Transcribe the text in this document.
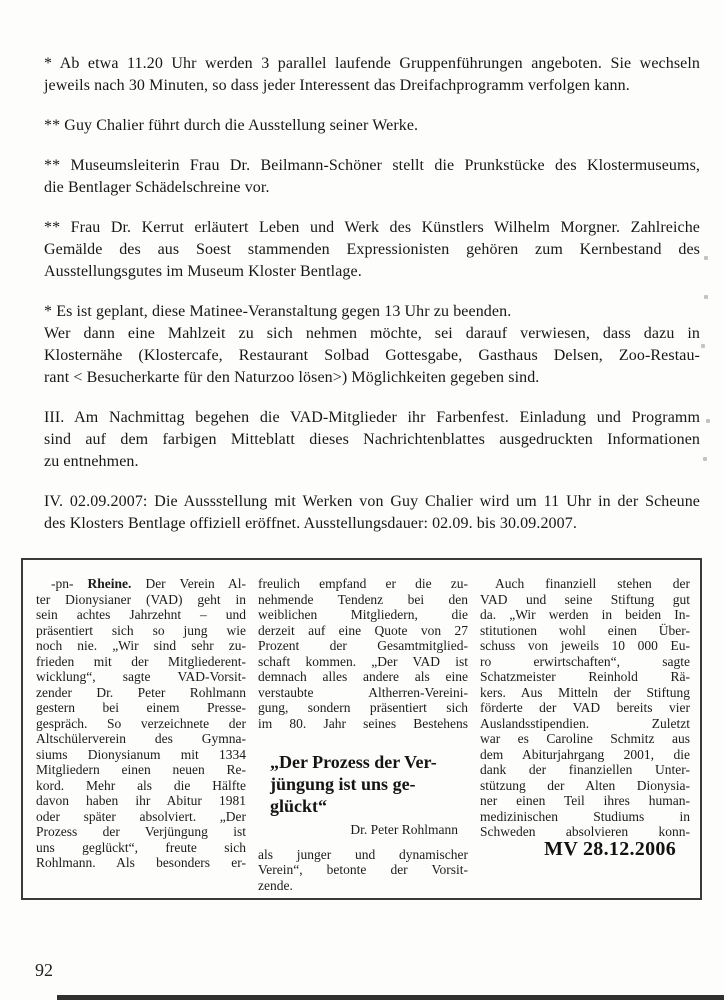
* Ab etwa 11.20 Uhr werden 3 parallel laufende Gruppenführungen angeboten. Sie wechseln
jeweils nach 30 Minuten, so dass jeder Interessent das Dreifachprogramm verfolgen kann.
** Guy Chalier führt durch die Ausstellung seiner Werke.
** Museumsleiterin Frau Dr. Beilmann-Schöner stellt die Prunkstücke des Klostermuseums,
die Bentlager Schädelschreine vor.
** Frau Dr. Kerrut erläutert Leben und Werk des Künstlers Wilhelm Morgner. Zahlreiche
Gemälde des aus Soest stammenden Expressionisten gehören zum Kernbestand des
Ausstellungsgutes im Museum Kloster Bentlage.
* Es ist geplant, diese Matinee-Veranstaltung gegen 13 Uhr zu beenden.
Wer dann eine Mahlzeit zu sich nehmen möchte, sei darauf verwiesen, dass dazu in
Klosternähe (Klostercafe, Restaurant Solbad Gottesgabe, Gasthaus Delsen, Zoo-Restau-
rant < Besucherkarte für den Naturzoo lösen>) Möglichkeiten gegeben sind.
III. Am Nachmittag begehen die VAD-Mitglieder ihr Farbenfest. Einladung und Programm
sind auf dem farbigen Mitteblatt dieses Nachrichtenblattes ausgedruckten Informationen
zu entnehmen.
IV. 02.09.2007: Die Aussstellung mit Werken von Guy Chalier wird um 11 Uhr in der Scheune
des Klosters Bentlage offiziell eröffnet. Ausstellungsdauer: 02.09. bis 30.09.2007.
-pn- Rheine. Der Verein Al-
ter Dionysianer (VAD) geht in
sein achtes Jahrzehnt – und
präsentiert sich so jung wie
noch nie. „Wir sind sehr zu-
frieden mit der Mitgliederent-
wicklung“, sagte VAD-Vorsit-
zender Dr. Peter Rohlmann
gestern bei einem Presse-
gespräch. So verzeichnete der
Altschülerverein des Gymna-
siums Dionysianum mit 1334
Mitgliedern einen neuen Re-
kord. Mehr als die Hälfte
davon haben ihr Abitur 1981
oder später absolviert. „Der
Prozess der Verjüngung ist
uns geglückt“, freute sich
Rohlmann. Als besonders er-
freulich empfand er die zu-
nehmende Tendenz bei den
weiblichen Mitgliedern, die
derzeit auf eine Quote von 27
Prozent der Gesamtmitglied-
schaft kommen. „Der VAD ist
demnach alles andere als eine
verstaubte Altherren-Vereini-
gung, sondern präsentiert sich
im 80. Jahr seines Bestehens
„Der Prozess der Ver-
jüngung ist uns ge-
glückt“
Dr. Peter Rohlmann
als junger und dynamischer
Verein“, betonte der Vorsit-
zende.
Auch finanziell stehen der
VAD und seine Stiftung gut
da. „Wir werden in beiden In-
stitutionen wohl einen Über-
schuss von jeweils 10 000 Eu-
ro erwirtschaften“, sagte
Schatzmeister Reinhold Rä-
kers. Aus Mitteln der Stiftung
förderte der VAD bereits vier
Auslandsstipendien. Zuletzt
war es Caroline Schmitz aus
dem Abiturjahrgang 2001, die
dank der finanziellen Unter-
stützung der Alten Dionysia-
ner einen Teil ihres human-
medizinischen Studiums in
Schweden absolvieren konn-
MV 28.12.2006
92
